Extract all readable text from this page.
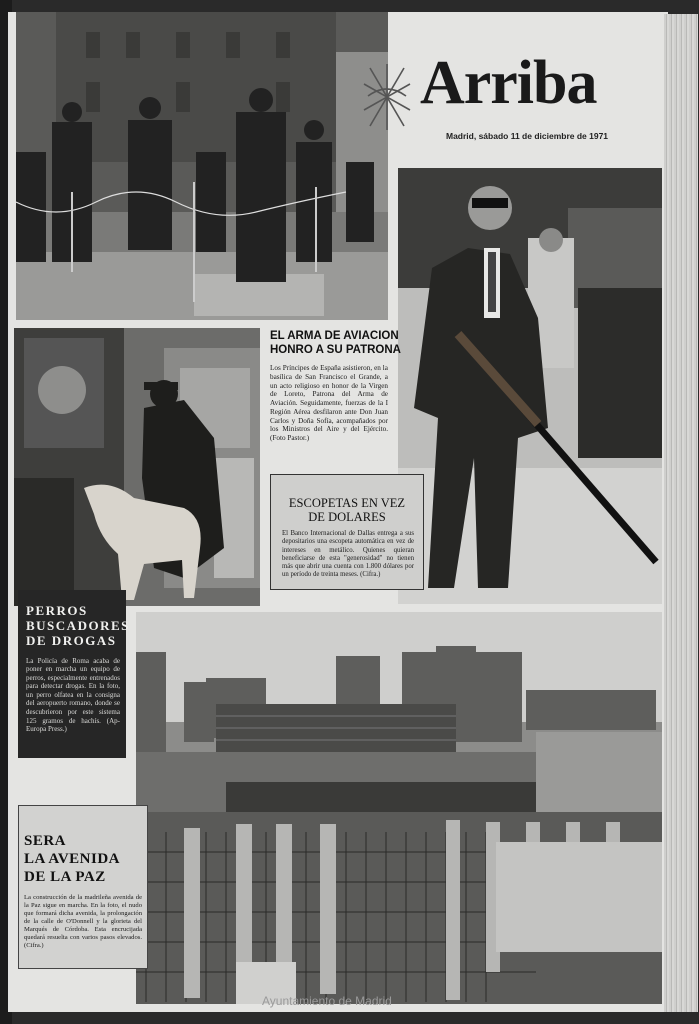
Arriba
Madrid, sábado 11 de diciembre de 1971
EL ARMA DE AVIACION
HONRO A SU PATRONA
Los Príncipes de España asistieron, en la basílica de San Francisco el Grande, a un acto religioso en honor de la Virgen de Loreto, Patrona del Arma de Aviación. Seguidamente, fuerzas de la I Región Aérea desfilaron ante Don Juan Carlos y Doña Sofía, acompañados por los Ministros del Aire y del Ejército. (Foto Pastor.)
ESCOPETAS EN VEZ
DE DOLARES
El Banco Internacional de Dallas entrega a sus depositarios una escopeta automática en vez de intereses en metálico. Quienes quieran beneficiarse de esta "generosidad" no tienen más que abrir una cuenta con 1.800 dólares por un período de treinta meses. (Cifra.)
PERROS
BUSCADORES
DE DROGAS
La Policía de Roma acaba de poner en marcha un equipo de perros, especialmente entrenados para detectar drogas. En la foto, un perro olfatea en la consigna del aeropuerto romano, donde se descubrieron por este sistema 125 gramos de hachís. (Ap-Europa Press.)
SERA
LA AVENIDA
DE LA PAZ
La construcción de la madrileña avenida de la Paz sigue en marcha. En la foto, el nudo que formará dicha avenida, la prolongación de la calle de O'Donnell y la glorieta del Marqués de Córdoba. Esta encrucijada quedará resuelta con varios pasos elevados. (Cifra.)
Ayuntamiento de Madrid
